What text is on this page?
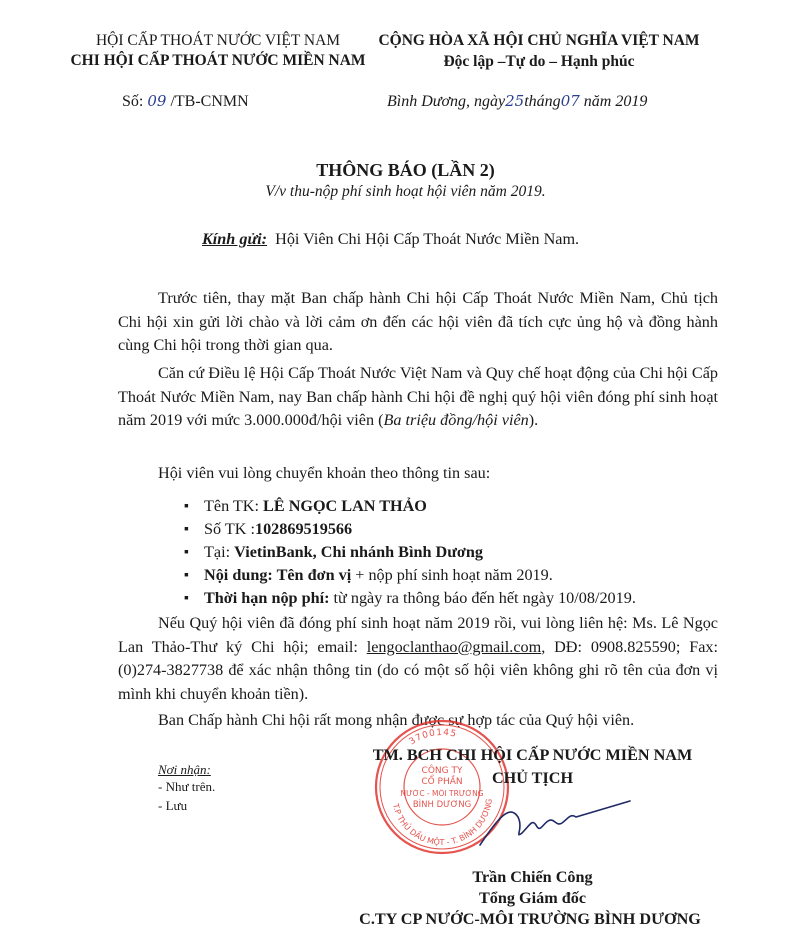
HỘI CẤP THOÁT NƯỚC VIỆT NAM
CHI HỘI CẤP THOÁT NƯỚC MIỀN NAM
Số: 09 /TB-CNMN
CỘNG HÒA XÃ HỘI CHỦ NGHĨA VIỆT NAM
Độc lập –Tự do – Hạnh phúc
Bình Dương, ngày25tháng07 năm 2019
THÔNG BÁO (LẦN 2)
V/v thu-nộp phí sinh hoạt hội viên năm 2019.
Kính gửi: Hội Viên Chi Hội Cấp Thoát Nước Miền Nam.
Trước tiên, thay mặt Ban chấp hành Chi hội Cấp Thoát Nước Miền Nam, Chủ tịch Chi hội xin gửi lời chào và lời cảm ơn đến các hội viên đã tích cực ủng hộ và đồng hành cùng Chi hội trong thời gian qua.
Căn cứ Điều lệ Hội Cấp Thoát Nước Việt Nam và Quy chế hoạt động của Chi hội Cấp Thoát Nước Miền Nam, nay Ban chấp hành Chi hội đề nghị quý hội viên đóng phí sinh hoạt năm 2019 với mức 3.000.000đ/hội viên (Ba triệu đồng/hội viên).
Hội viên vui lòng chuyển khoản theo thông tin sau:
▪ Tên TK: LÊ NGỌC LAN THẢO
▪ Số TK :102869519566
▪ Tại: VietinBank, Chi nhánh Bình Dương
▪ Nội dung: Tên đơn vị + nộp phí sinh hoạt năm 2019.
▪ Thời hạn nộp phí: từ ngày ra thông báo đến hết ngày 10/08/2019.
Nếu Quý hội viên đã đóng phí sinh hoạt năm 2019 rồi, vui lòng liên hệ: Ms. Lê Ngọc Lan Thảo-Thư ký Chi hội; email: lengoclanthao@gmail.com, DĐ: 0908.825590; Fax: (0)274-3827738 để xác nhận thông tin (do có một số hội viên không ghi rõ tên của đơn vị mình khi chuyển khoản tiền).
Ban Chấp hành Chi hội rất mong nhận được sự hợp tác của Quý hội viên.
Nơi nhận:
- Như trên.
- Lưu
3700145
T.P THỦ DẦU MỘT - T. BÌNH DƯƠNG
CÔNG TY
CỔ PHẦN
NƯỚC - MÔI TRƯỜNG
BÌNH DƯƠNG
TM. BCH CHI HỘI CẤP NƯỚC MIỀN NAM
CHỦ TỊCH
Trần Chiến Công
Tổng Giám đốc
C.TY CP NƯỚC-MÔI TRƯỜNG BÌNH DƯƠNG
